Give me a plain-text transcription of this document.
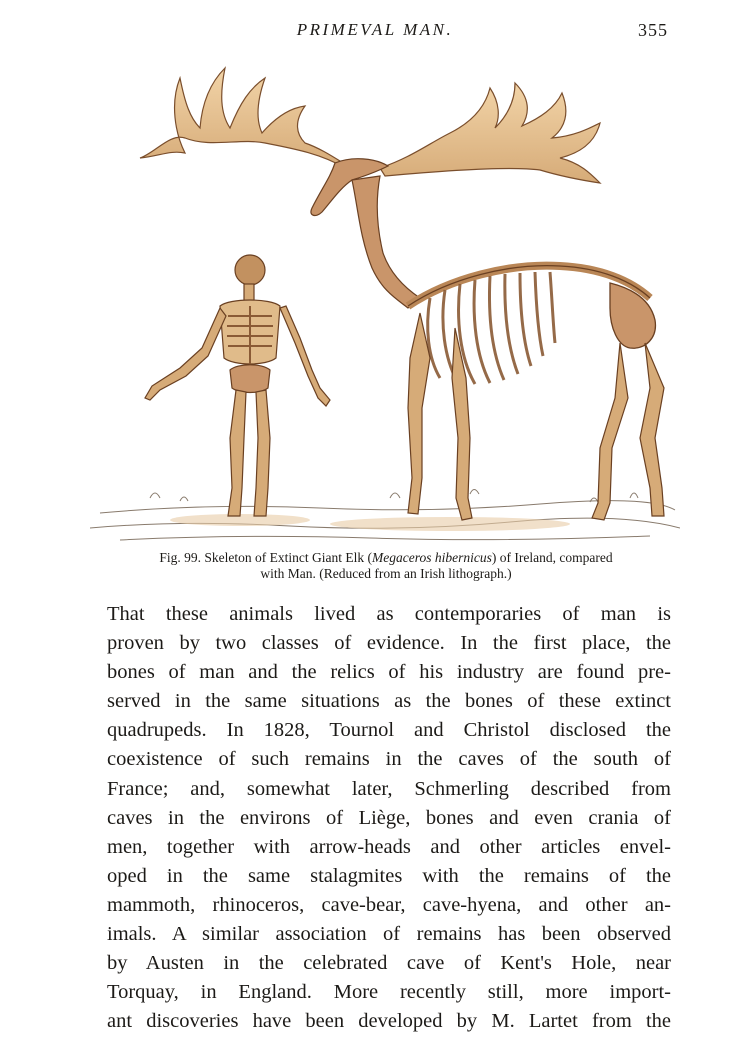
PRIMEVAL MAN.	355
Fig. 99. Skeleton of Extinct Giant Elk (Megaceros hibernicus) of Ireland, compared
with Man. (Reduced from an Irish lithograph.)
That these animals lived as contemporaries of man is
proven by two classes of evidence. In the first place, the
bones of man and the relics of his industry are found pre-
served in the same situations as the bones of these extinct
quadrupeds. In 1828, Tournol and Christol disclosed the
coexistence of such remains in the caves of the south of
France; and, somewhat later, Schmerling described from
caves in the environs of Liège, bones and even crania of
men, together with arrow-heads and other articles envel-
oped in the same stalagmites with the remains of the
mammoth, rhinoceros, cave-bear, cave-hyena, and other an-
imals. A similar association of remains has been observed
by Austen in the celebrated cave of Kent's Hole, near
Torquay, in England. More recently still, more import-
ant discoveries have been developed by M. Lartet from the
